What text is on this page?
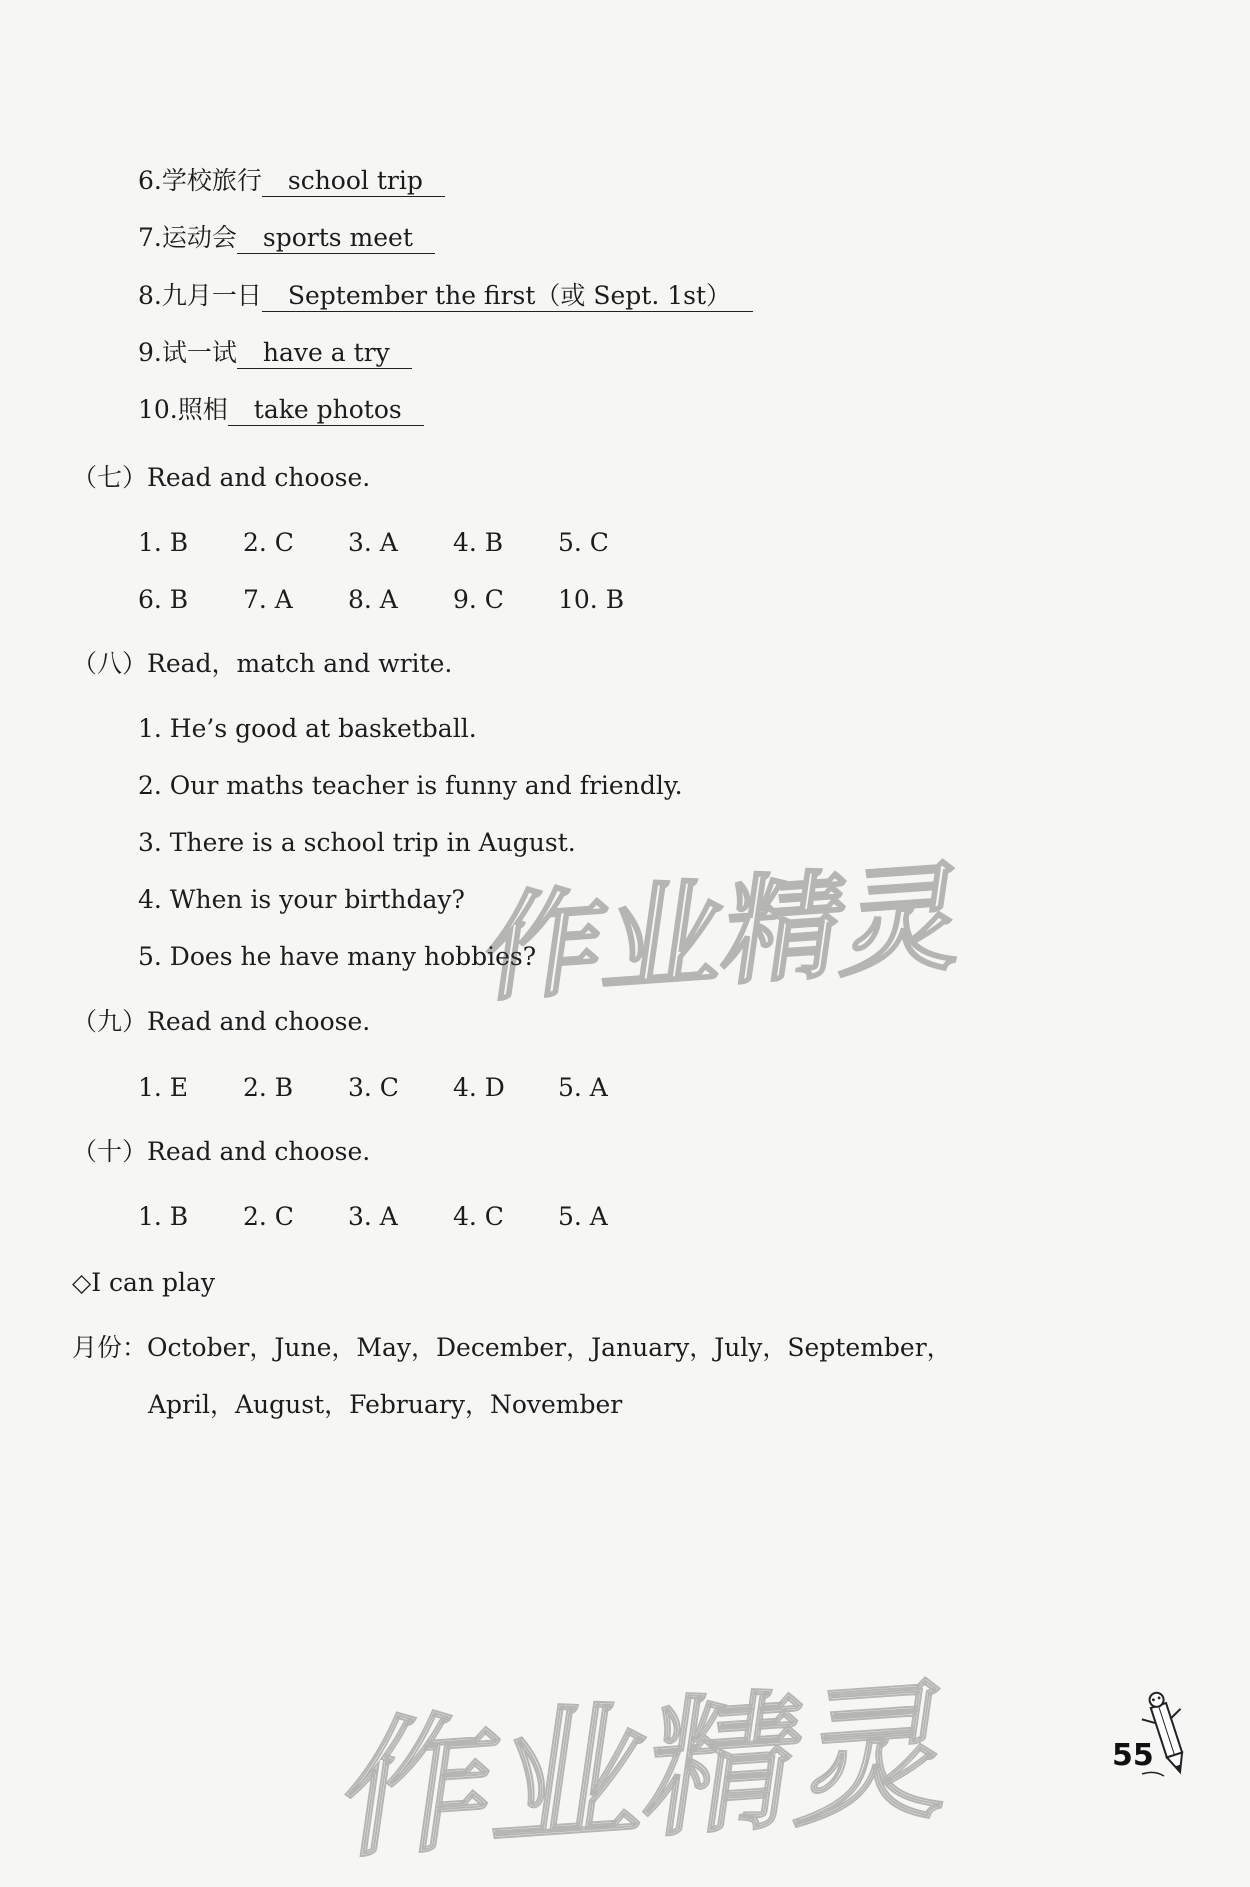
6.学校旅行 school trip
7.运动会 sports meet
8.九月一日 September the first（或 Sept. 1st）
9.试一试 have a try
10.照相 take photos
（七）Read and choose.
1. B 2. C 3. A 4. B 5. C
6. B 7. A 8. A 9. C 10. B
（八）Read，match and write.
1. He’s good at basketball.
2. Our maths teacher is funny and friendly.
3. There is a school trip in August.
4. When is your birthday?
5. Does he have many hobbies?
（九）Read and choose.
1. E 2. B 3. C 4. D 5. A
（十）Read and choose.
1. B 2. C 3. A 4. C 5. A
◇I can play
月份：October，June，May，December，January，July，September，
April，August，February，November
作业精灵
作业精灵	55
